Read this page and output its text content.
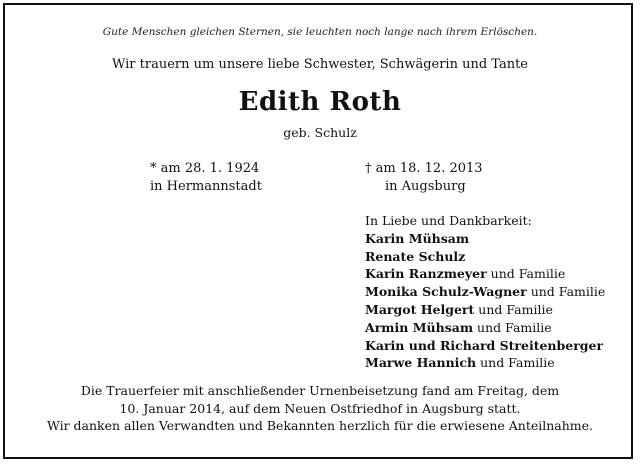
Gute Menschen gleichen Sternen, sie leuchten noch lange nach ihrem Erlöschen.
Wir trauern um unsere liebe Schwester, Schwägerin und Tante
Edith Roth
geb. Schulz
* am 28. 1. 1924
in Hermannstadt
† am 18. 12. 2013
in Augsburg
In Liebe und Dankbarkeit:
Karin Mühsam
Renate Schulz
Karin Ranzmeyer und Familie
Monika Schulz-Wagner und Familie
Margot Helgert und Familie
Armin Mühsam und Familie
Karin und Richard Streitenberger
Marwe Hannich und Familie
Die Trauerfeier mit anschließender Urnenbeisetzung fand am Freitag, dem
10. Januar 2014, auf dem Neuen Ostfriedhof in Augsburg statt.
Wir danken allen Verwandten und Bekannten herzlich für die erwiesene Anteilnahme.
